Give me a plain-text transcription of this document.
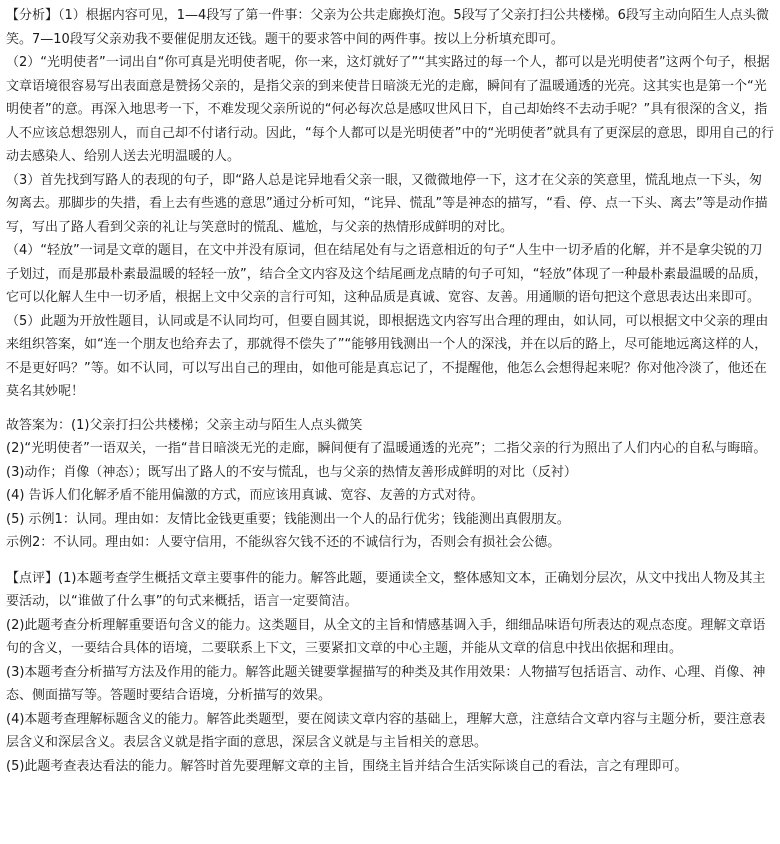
【分析】（1）根据内容可见，1—4段写了第一件事：父亲为公共走廊换灯泡。5段写了父亲打扫公共楼梯。6段写主动向陌生人点头微笑。7—10段写父亲劝我不要催促朋友还钱。题干的要求答中间的两件事。按以上分析填充即可。

（2）“光明使者”一词出自“你可真是光明使者呢，你一来，这灯就好了”“其实路过的每一个人，都可以是光明使者”这两个句子，根据文章语境很容易写出表面意是赞扬父亲的，是指父亲的到来使昔日暗淡无光的走廊，瞬间有了温暖通透的光亮。这其实也是第一个“光明使者”的意。再深入地思考一下，不难发现父亲所说的“何必每次总是感叹世风日下，自己却始终不去动手呢？”具有很深的含义，指人不应该总想怨别人，而自己却不付诸行动。因此，“每个人都可以是光明使者”中的“光明使者”就具有了更深层的意思，即用自己的行动去感染人、给别人送去光明温暖的人。

（3）首先找到写路人的表现的句子，即“路人总是诧异地看父亲一眼，又微微地停一下，这才在父亲的笑意里，慌乱地点一下头，匆匆离去。那脚步的失措，看上去有些逃的意思”通过分析可知，“诧异、慌乱”等是神态的描写，“看、停、点一下头、离去”等是动作描写，写出了路人看到父亲的礼让与笑意时的慌乱、尴尬，与父亲的热情形成鲜明的对比。

（4）“轻放”一词是文章的题目，在文中并没有原词，但在结尾处有与之语意相近的句子“人生中一切矛盾的化解，并不是拿尖锐的刀子划过，而是那最朴素最温暖的轻轻一放”，结合全文内容及这个结尾画龙点睛的句子可知，“轻放”体现了一种最朴素最温暖的品质，它可以化解人生中一切矛盾，根据上文中父亲的言行可知，这种品质是真诚、宽容、友善。用通顺的语句把这个意思表达出来即可。

（5）此题为开放性题目，认同或是不认同均可，但要自圆其说，即根据选文内容写出合理的理由，如认同，可以根据文中父亲的理由来组织答案，如“连一个朋友也给弃去了，那就得不偿失了”“能够用钱测出一个人的深浅，并在以后的路上，尽可能地远离这样的人，不是更好吗？”等。如不认同，可以写出自己的理由，如他可能是真忘记了，不提醒他，他怎么会想得起来呢？你对他冷淡了，他还在莫名其妙呢！

故答案为：(1)父亲打扫公共楼梯；父亲主动与陌生人点头微笑

(2)“光明使者”一语双关，一指“昔日暗淡无光的走廊，瞬间便有了温暖通透的光亮”；二指父亲的行为照出了人们内心的自私与晦暗。

(3)动作；肖像（神态）；既写出了路人的不安与慌乱，也与父亲的热情友善形成鲜明的对比（反衬）

(4) 告诉人们化解矛盾不能用偏激的方式，而应该用真诚、宽容、友善的方式对待。

(5) 示例1：认同。理由如：友情比金钱更重要；钱能测出一个人的品行优劣；钱能测出真假朋友。

示例2：不认同。理由如：人要守信用，不能纵容欠钱不还的不诚信行为，否则会有损社会公德。

【点评】(1)本题考查学生概括文章主要事件的能力。解答此题，要通读全文，整体感知文本，正确划分层次，从文中找出人物及其主要活动，以“谁做了什么事”的句式来概括，语言一定要简洁。

(2)此题考查分析理解重要语句含义的能力。这类题目，从全文的主旨和情感基调入手，细细品味语句所表达的观点态度。理解文章语句的含义，一要结合具体的语境，二要联系上下文，三要紧扣文章的中心主题，并能从文章的信息中找出依据和理由。

(3)本题考查分析描写方法及作用的能力。解答此题关键要掌握描写的种类及其作用效果：人物描写包括语言、动作、心理、肖像、神态、侧面描写等。答题时要结合语境，分析描写的效果。

(4)本题考查理解标题含义的能力。解答此类题型，要在阅读文章内容的基础上，理解大意，注意结合文章内容与主题分析，要注意表层含义和深层含义。表层含义就是指字面的意思，深层含义就是与主旨相关的意思。

(5)此题考查表达看法的能力。解答时首先要理解文章的主旨，围绕主旨并结合生活实际谈自己的看法，言之有理即可。
